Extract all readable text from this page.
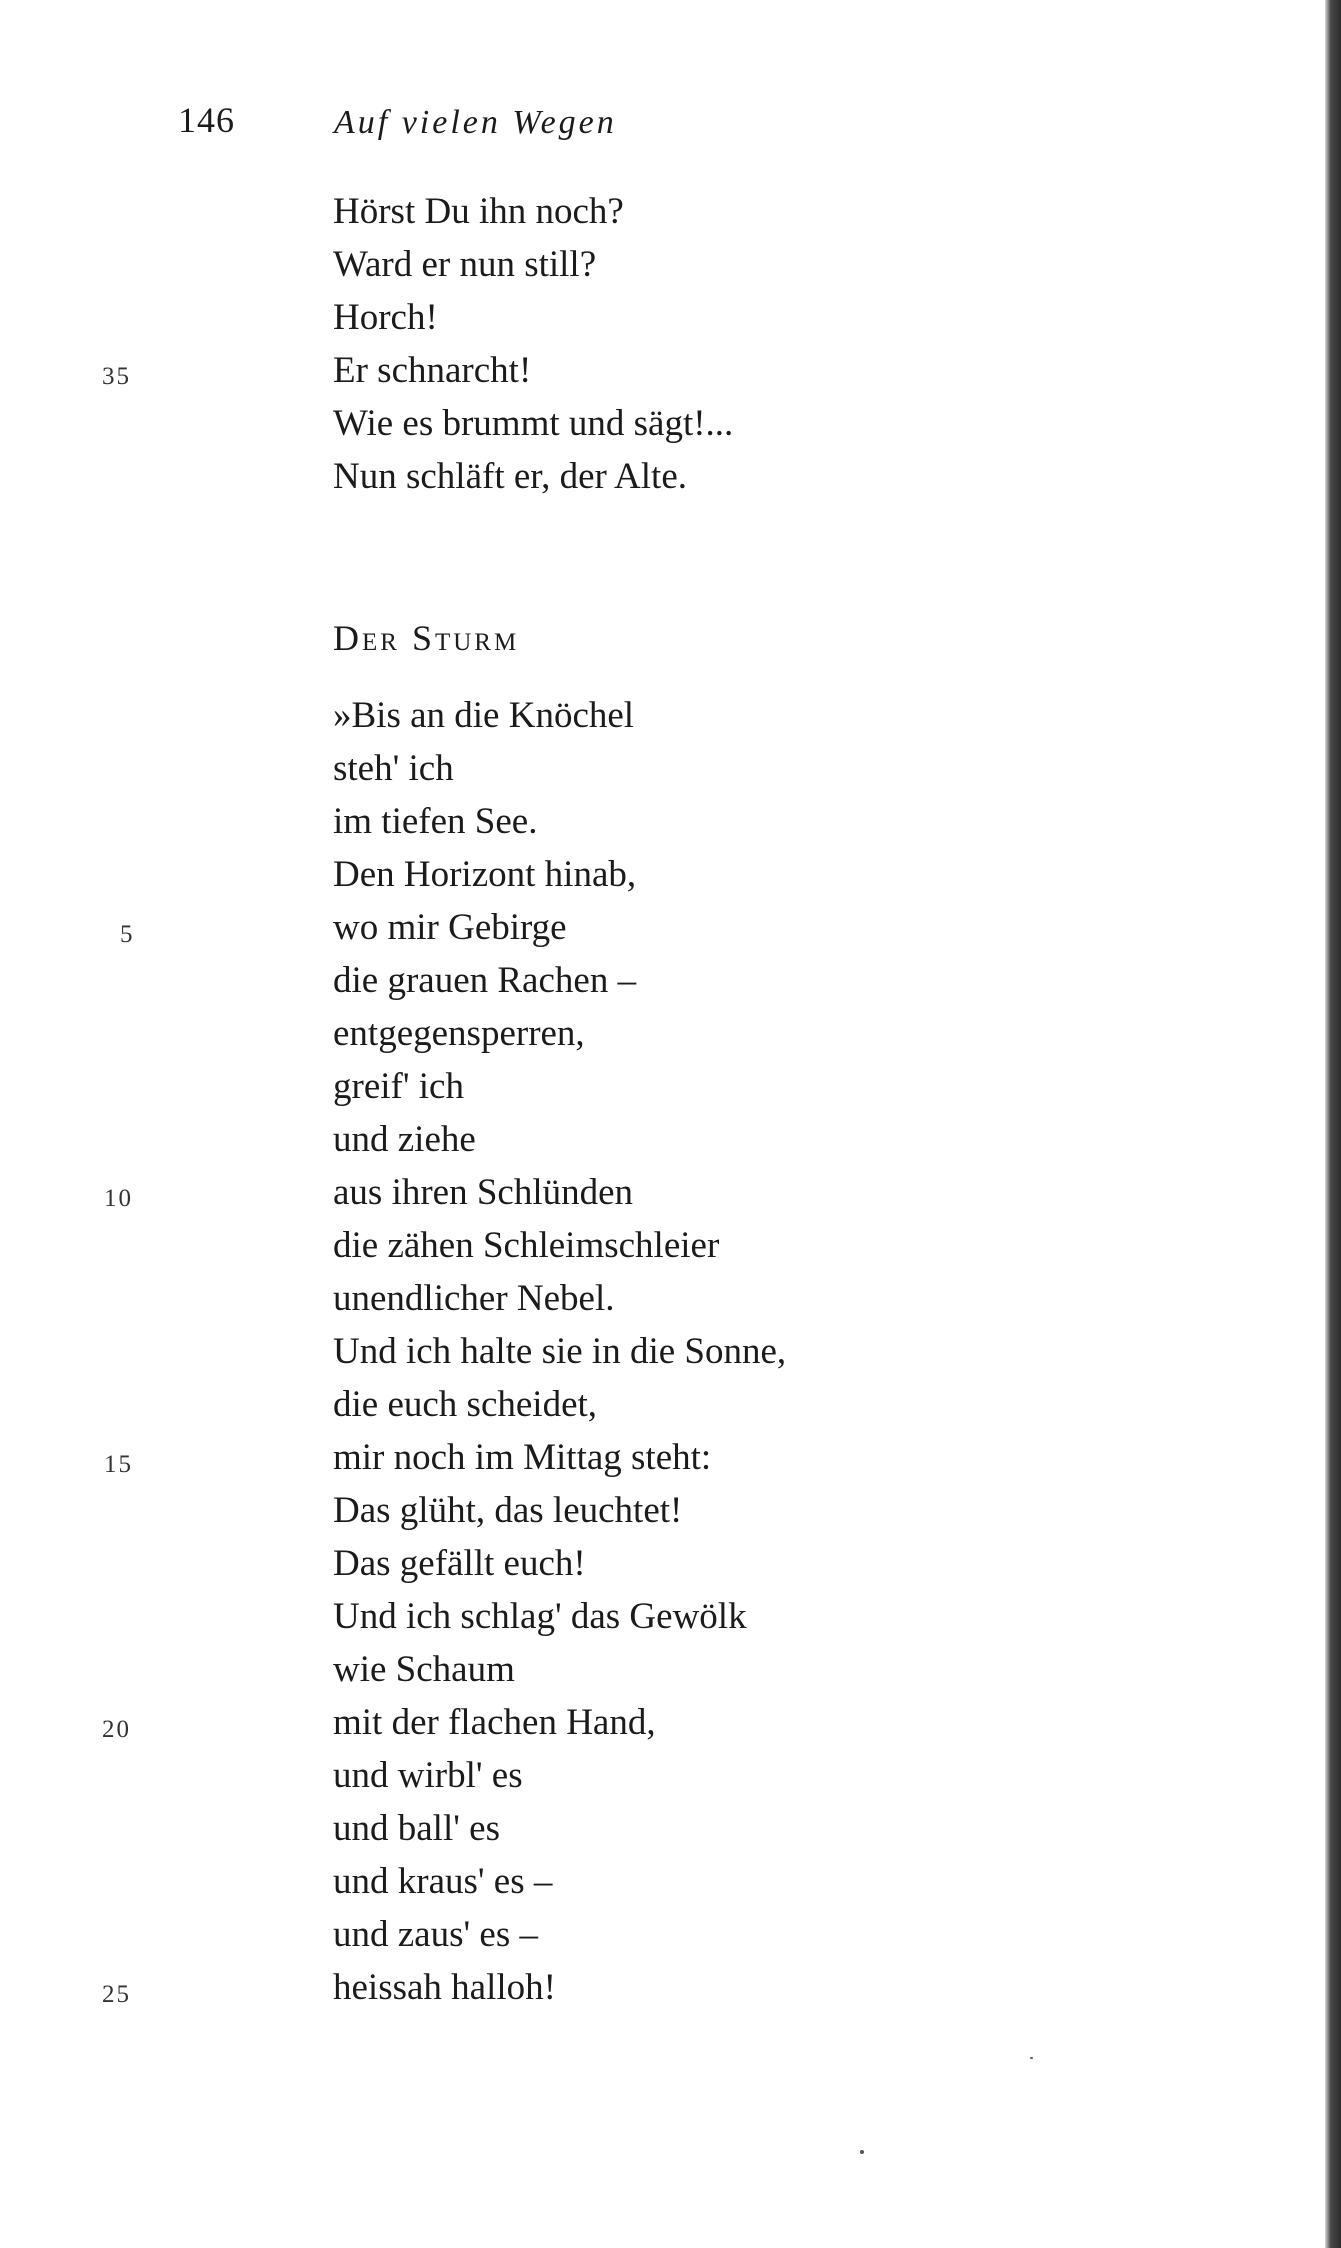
146	Auf vielen Wegen
Hörst Du ihn noch?
Ward er nun still?
Horch!
Er schnarcht!
35
Wie es brummt und sägt!...
Nun schläft er, der Alte.
Der Sturm
»Bis an die Knöchel
steh' ich
im tiefen See.
Den Horizont hinab,
wo mir Gebirge
5
die grauen Rachen –
entgegensperren,
greif' ich
und ziehe
aus ihren Schlünden
10
die zähen Schleimschleier
unendlicher Nebel.
Und ich halte sie in die Sonne,
die euch scheidet,
mir noch im Mittag steht:
15
Das glüht, das leuchtet!
Das gefällt euch!
Und ich schlag' das Gewölk
wie Schaum
mit der flachen Hand,
20
und wirbl' es
und ball' es
und kraus' es –
und zaus' es –
heissah halloh!
25
